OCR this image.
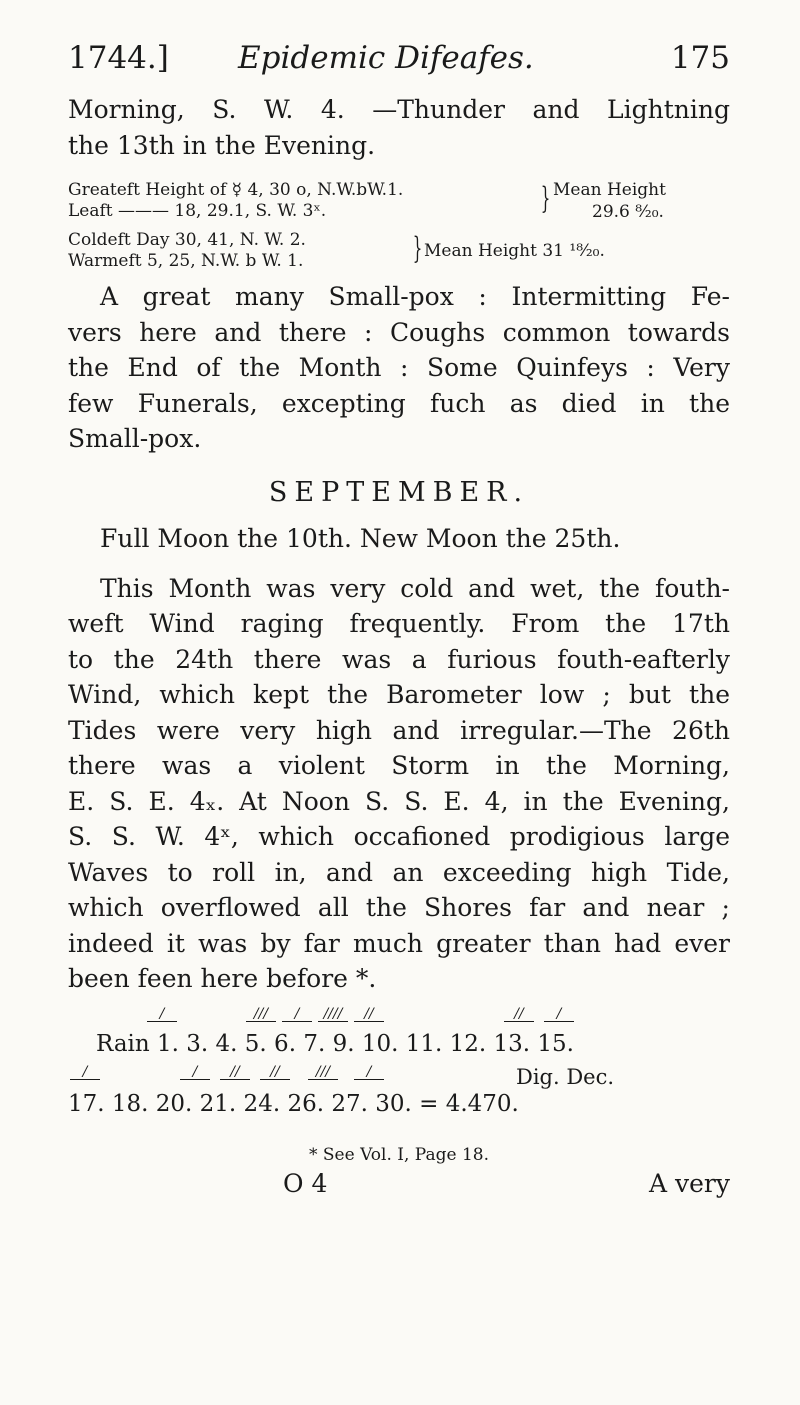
1744.] Epidemic Difeafes.	175

Morning, S. W. 4. —Thunder and Lightning
the 13th in the Evening.

Greateft Height of ☿ 4, 30 o, N.W.bW.1.
Leaft ——— 18, 29.1, S. W. 3ˣ.	} Mean Height
29.6 ⁸⁄₂₀.
Coldeft Day 30, 41, N. W. 2.
Warmeft 5, 25, N.W. b W. 1.	} Mean Height 31 ¹⁸⁄₂₀.

A great many Small-pox : Intermitting Fe-
vers here and there : Coughs common towards
the End of the Month : Some Quinfeys : Very
few Funerals, excepting fuch as died in the
Small-pox.

SEPTEMBER.
Full Moon the 10th. New Moon the 25th.

This Month was very cold and wet, the fouth-
weft Wind raging frequently. From the 17th
to the 24th there was a furious fouth-eafterly
Wind, which kept the Barometer low ; but the
Tides were very high and irregular.—The 26th
there was a violent Storm in the Morning,
E. S. E. 4ₓ. At Noon S. S. E. 4, in the Evening,
S. S. W. 4ˣ, which occafioned prodigious large
Waves to roll in, and an exceeding high Tide,
which overflowed all the Shores far and near ;
indeed it was by far much greater than had ever
been feen here before *.

/	///	/	////	//	//	/
Rain 1. 3. 4. 5. 6. 7. 9. 10. 11. 12. 13. 15.
/	/	//	//	///	/	Dig. Dec.
17. 18. 20. 21. 24. 26. 27. 30. = 4.470.
* See Vol. I, Page 18.
O 4	A very
